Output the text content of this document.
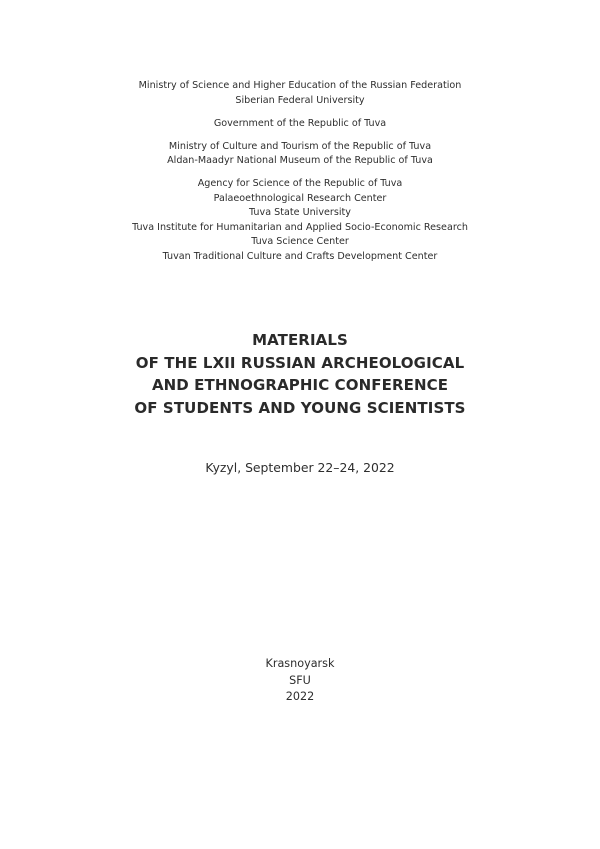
Ministry of Science and Higher Education of the Russian Federation
Siberian Federal University
Government of the Republic of Tuva
Ministry of Culture and Tourism of the Republic of Tuva
Aldan-Maadyr National Museum of the Republic of Tuva
Agency for Science of the Republic of Tuva
Palaeoethnological Research Center
Tuva State University
Tuva Institute for Humanitarian and Applied Socio-Economic Research
Tuva Science Center
Tuvan Traditional Culture and Crafts Development Center
MATERIALS
OF THE LXII RUSSIAN ARCHEOLOGICAL
AND ETHNOGRAPHIC CONFERENCE
OF STUDENTS AND YOUNG SCIENTISTS
Kyzyl, September 22–24, 2022
Krasnoyarsk
SFU
2022
